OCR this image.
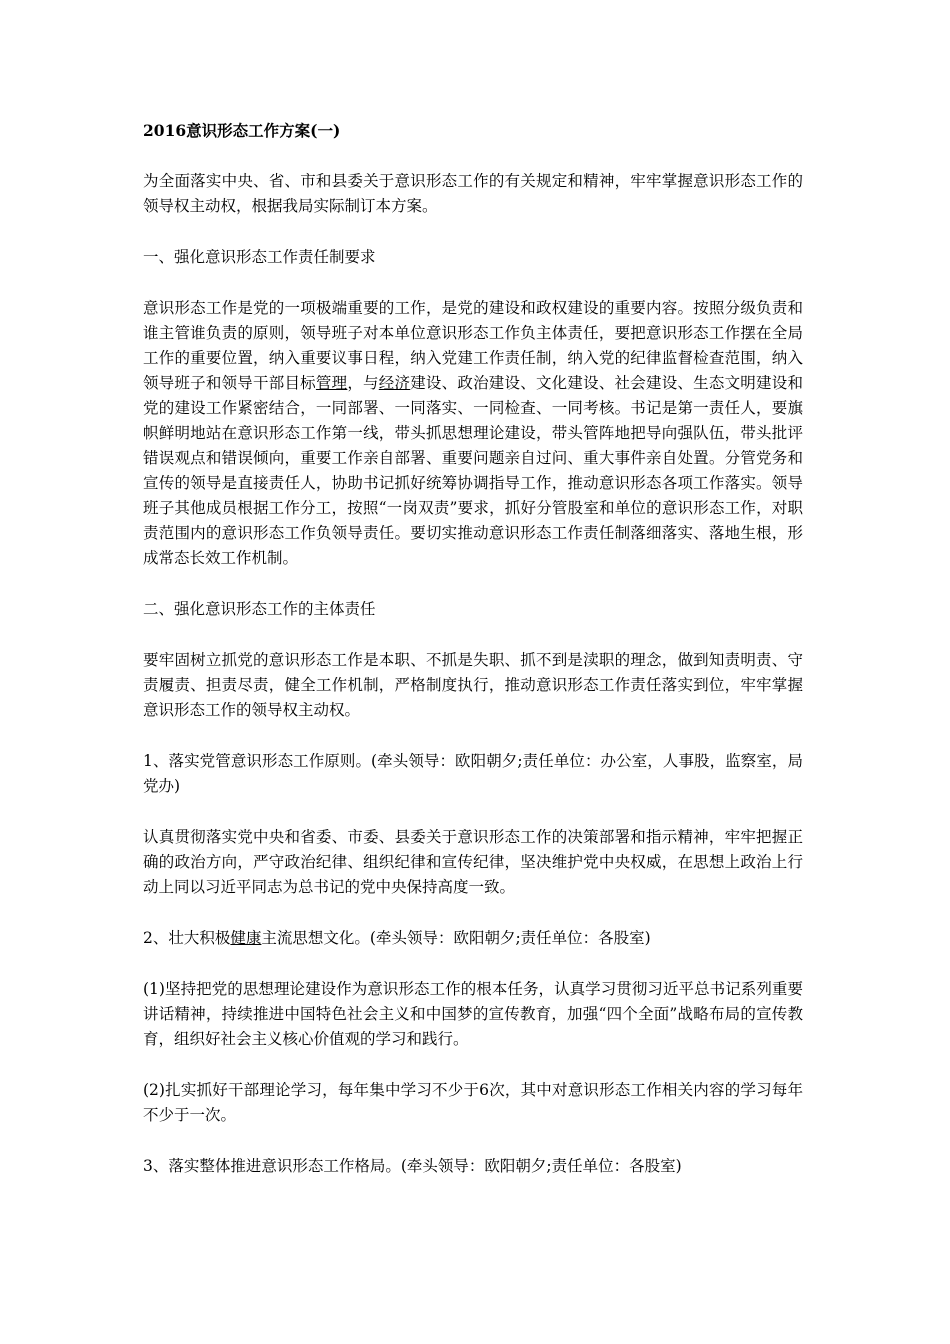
2016意识形态工作方案(一)

为全面落实中央、省、市和县委关于意识形态工作的有关规定和精神，牢牢掌握意识形态工作的领导权主动权，根据我局实际制订本方案。

一、强化意识形态工作责任制要求

意识形态工作是党的一项极端重要的工作，是党的建设和政权建设的重要内容。按照分级负责和谁主管谁负责的原则，领导班子对本单位意识形态工作负主体责任，要把意识形态工作摆在全局工作的重要位置，纳入重要议事日程，纳入党建工作责任制，纳入党的纪律监督检查范围，纳入领导班子和领导干部目标管理，与经济建设、政治建设、文化建设、社会建设、生态文明建设和党的建设工作紧密结合，一同部署、一同落实、一同检查、一同考核。书记是第一责任人，要旗帜鲜明地站在意识形态工作第一线，带头抓思想理论建设，带头管阵地把导向强队伍，带头批评错误观点和错误倾向，重要工作亲自部署、重要问题亲自过问、重大事件亲自处置。分管党务和宣传的领导是直接责任人，协助书记抓好统筹协调指导工作，推动意识形态各项工作落实。领导班子其他成员根据工作分工，按照“一岗双责”要求，抓好分管股室和单位的意识形态工作，对职责范围内的意识形态工作负领导责任。要切实推动意识形态工作责任制落细落实、落地生根，形成常态长效工作机制。

二、强化意识形态工作的主体责任

要牢固树立抓党的意识形态工作是本职、不抓是失职、抓不到是渎职的理念，做到知责明责、守责履责、担责尽责，健全工作机制，严格制度执行，推动意识形态工作责任落实到位，牢牢掌握意识形态工作的领导权主动权。

1、落实党管意识形态工作原则。(牵头领导：欧阳朝夕;责任单位：办公室，人事股，监察室，局党办)

认真贯彻落实党中央和省委、市委、县委关于意识形态工作的决策部署和指示精神，牢牢把握正确的政治方向，严守政治纪律、组织纪律和宣传纪律，坚决维护党中央权威，在思想上政治上行动上同以习近平同志为总书记的党中央保持高度一致。

2、壮大积极健康主流思想文化。(牵头领导：欧阳朝夕;责任单位：各股室)

(1)坚持把党的思想理论建设作为意识形态工作的根本任务，认真学习贯彻习近平总书记系列重要讲话精神，持续推进中国特色社会主义和中国梦的宣传教育，加强“四个全面”战略布局的宣传教育，组织好社会主义核心价值观的学习和践行。

(2)扎实抓好干部理论学习，每年集中学习不少于6次，其中对意识形态工作相关内容的学习每年不少于一次。

3、落实整体推进意识形态工作格局。(牵头领导：欧阳朝夕;责任单位：各股室)
